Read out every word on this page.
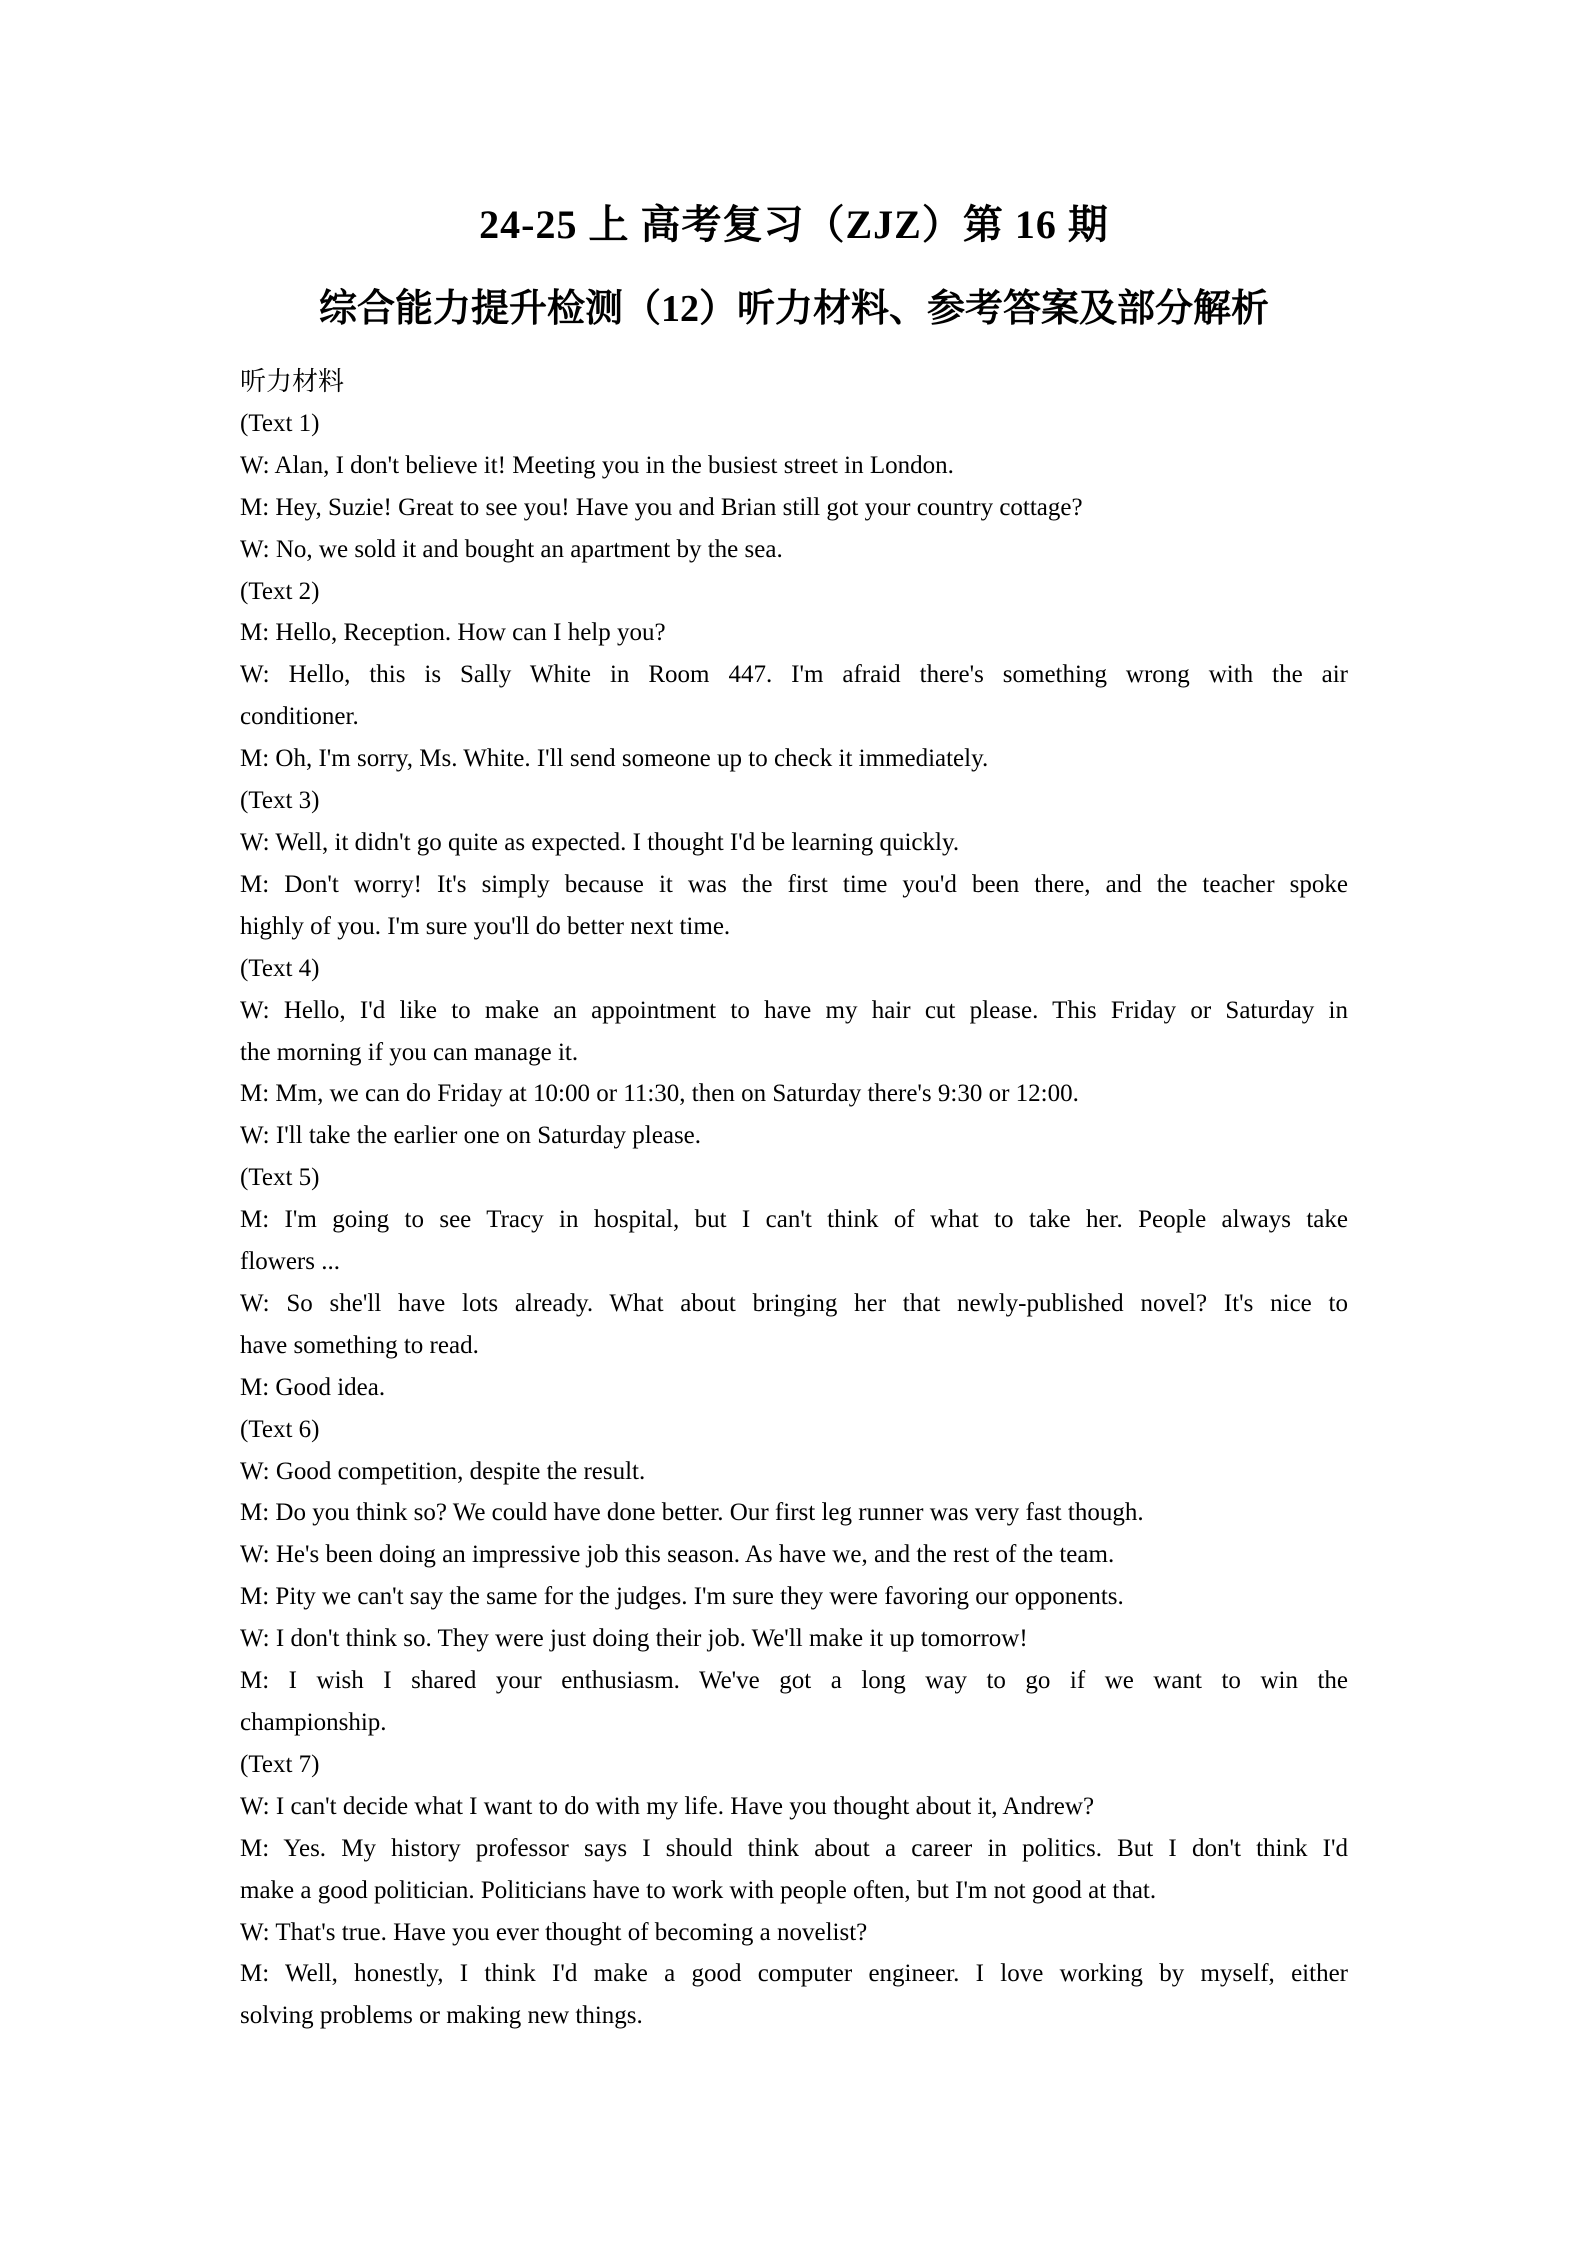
24-25 上 高考复习（ZJZ）第 16 期
综合能力提升检测（12）听力材料、参考答案及部分解析
听力材料
(Text 1)
W: Alan, I don't believe it! Meeting you in the busiest street in London.
M: Hey, Suzie! Great to see you! Have you and Brian still got your country cottage?
W: No, we sold it and bought an apartment by the sea.
(Text 2)
M: Hello, Reception. How can I help you?
W: Hello, this is Sally White in Room 447. I'm afraid there's something wrong with the air
conditioner.
M: Oh, I'm sorry, Ms. White. I'll send someone up to check it immediately.
(Text 3)
W: Well, it didn't go quite as expected. I thought I'd be learning quickly.
M: Don't worry! It's simply because it was the first time you'd been there, and the teacher spoke
highly of you. I'm sure you'll do better next time.
(Text 4)
W: Hello, I'd like to make an appointment to have my hair cut please. This Friday or Saturday in
the morning if you can manage it.
M: Mm, we can do Friday at 10:00 or 11:30, then on Saturday there's 9:30 or 12:00.
W: I'll take the earlier one on Saturday please.
(Text 5)
M: I'm going to see Tracy in hospital, but I can't think of what to take her. People always take
flowers ...
W: So she'll have lots already. What about bringing her that newly-published novel? It's nice to
have something to read.
M: Good idea.
(Text 6)
W: Good competition, despite the result.
M: Do you think so? We could have done better. Our first leg runner was very fast though.
W: He's been doing an impressive job this season. As have we, and the rest of the team.
M: Pity we can't say the same for the judges. I'm sure they were favoring our opponents.
W: I don't think so. They were just doing their job. We'll make it up tomorrow!
M: I wish I shared your enthusiasm. We've got a long way to go if we want to win the
championship.
(Text 7)
W: I can't decide what I want to do with my life. Have you thought about it, Andrew?
M: Yes. My history professor says I should think about a career in politics. But I don't think I'd
make a good politician. Politicians have to work with people often, but I'm not good at that.
W: That's true. Have you ever thought of becoming a novelist?
M: Well, honestly, I think I'd make a good computer engineer. I love working by myself, either
solving problems or making new things.
